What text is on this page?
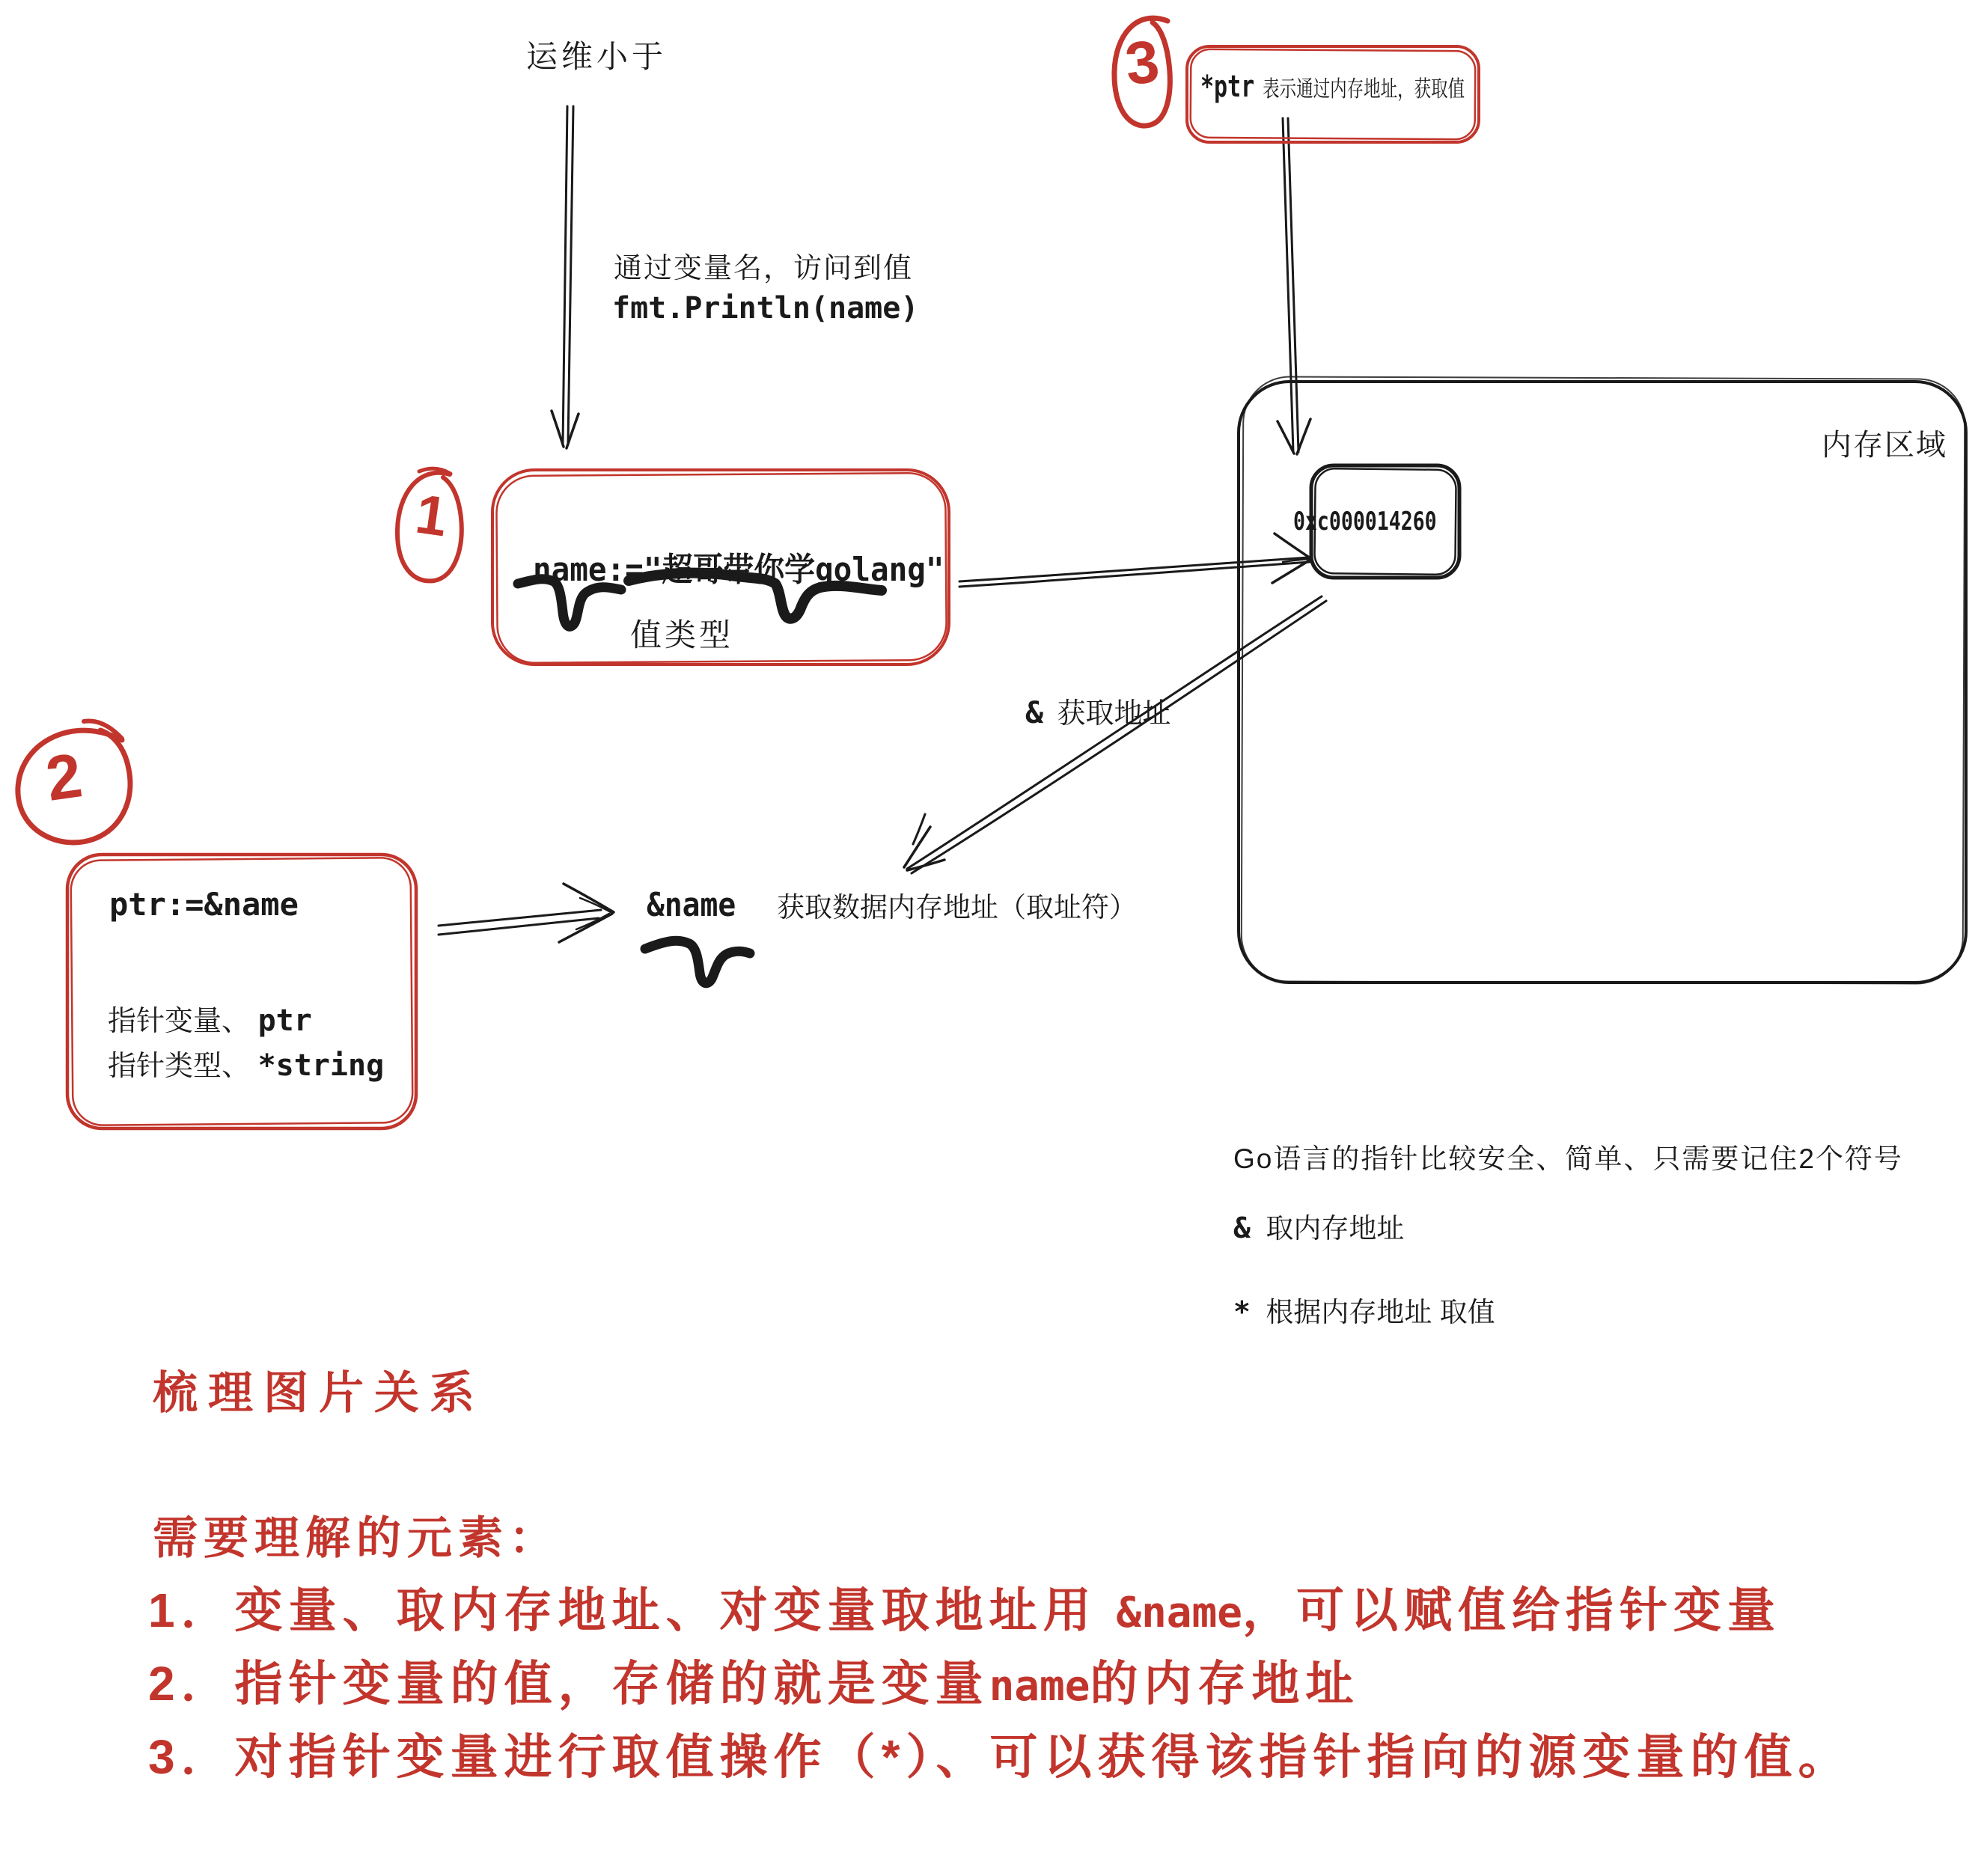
运维小于
通过变量名，访问到值
fmt.Println(name)
1
name:="超哥带你学golang"
值类型
3 *ptr 表示通过内存地址，获取值
内存区域
0xc000014260
& 获取地址
&name	获取数据内存地址（取址符）
2
ptr:=&name
指针变量、 ptr
指针类型、 *string
Go语言的指针比较安全、简单、只需要记住2个符号
& 取内存地址
* 根据内存地址 取值
梳理图片关系
需要理解的元素：
1．变量、取内存地址、对变量取地址用 &name，可以赋值给指针变量
2．指针变量的值，存储的就是变量name的内存地址
3．对指针变量进行取值操作（*）、可以获得该指针指向的源变量的值。
